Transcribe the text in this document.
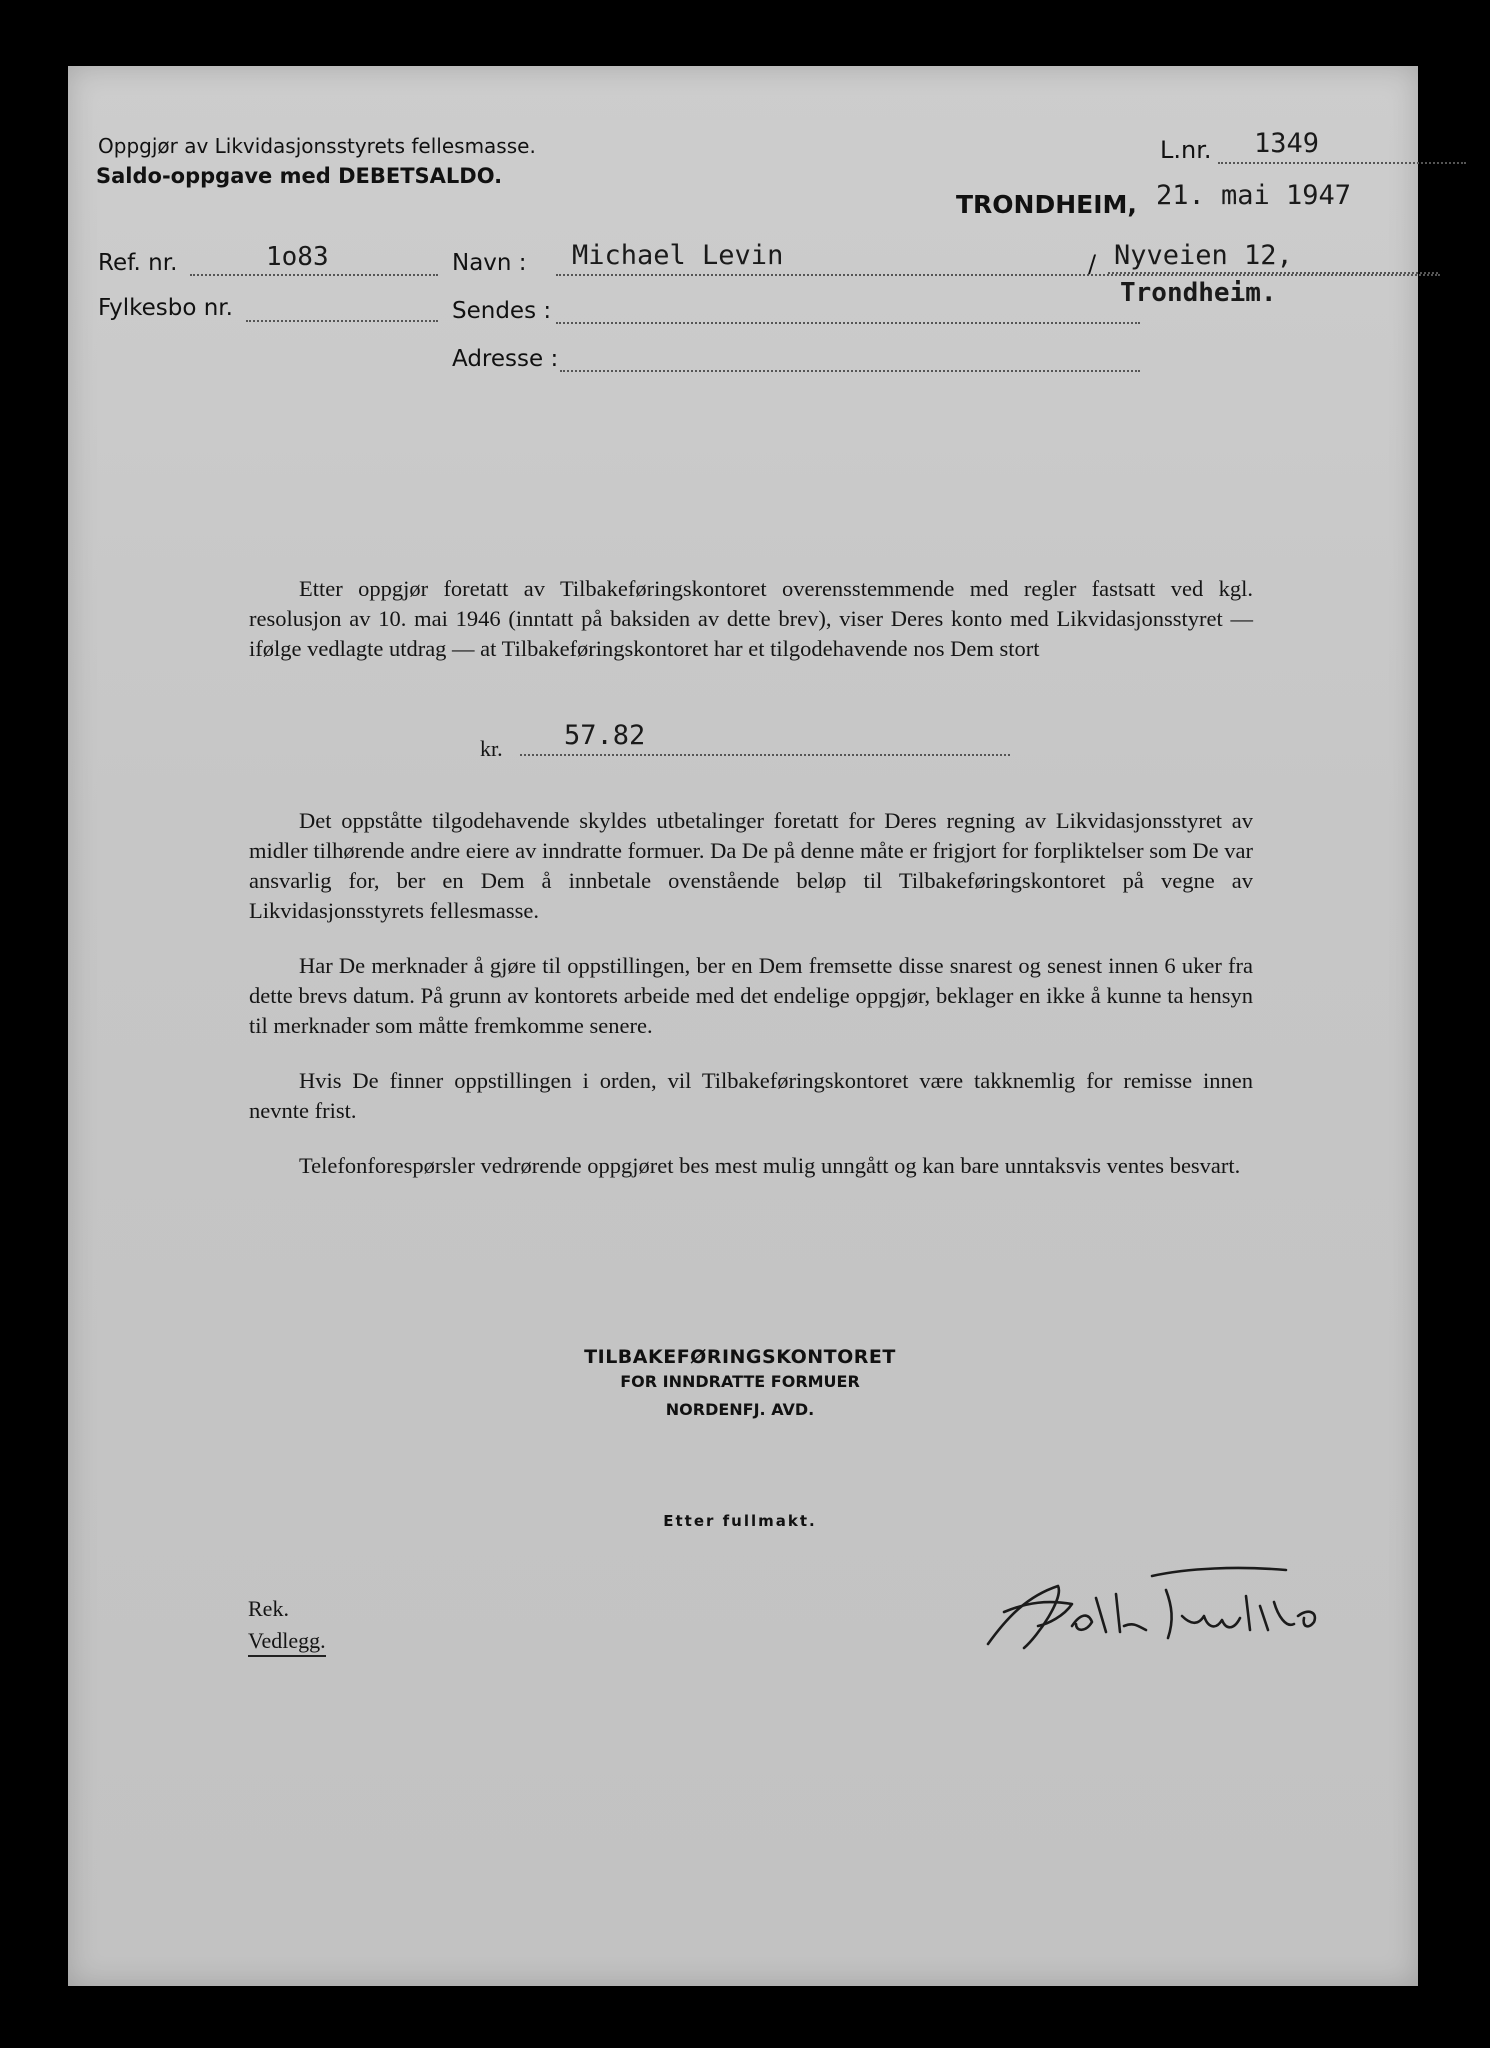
Oppgjør av Likvidasjonsstyrets fellesmasse.
Saldo-oppgave med DEBETSALDO.
L.nr. 1349
TRONDHEIM, 21. mai 1947
Ref. nr.	1o83
Fylkesbo nr.
Navn : Michael Levin	/ Nyveien 12,
Trondheim.
Sendes :
Adresse :

Etter oppgjør foretatt av Tilbakeføringskontoret overensstemmende med regler fastsatt ved kgl. resolusjon av 10. mai 1946 (inntatt på baksiden av dette brev), viser Deres konto med Likvidasjonsstyret — ifølge vedlagte utdrag — at Tilbakeføringskontoret har et tilgodehavende nos Dem stort

kr. 57.82

Det oppståtte tilgodehavende skyldes utbetalinger foretatt for Deres regning av Likvidasjonsstyret av midler tilhørende andre eiere av inndratte formuer. Da De på denne måte er frigjort for forpliktelser som De var ansvarlig for, ber en Dem å innbetale ovenstående beløp til Tilbakeføringskontoret på vegne av Likvidasjonsstyrets fellesmasse.

Har De merknader å gjøre til oppstillingen, ber en Dem fremsette disse snarest og senest innen 6 uker fra dette brevs datum. På grunn av kontorets arbeide med det endelige oppgjør, beklager en ikke å kunne ta hensyn til merknader som måtte fremkomme senere.

Hvis De finner oppstillingen i orden, vil Tilbakeføringskontoret være takknemlig for remisse innen nevnte frist.

Telefonforespørsler vedrørende oppgjøret bes mest mulig unngått og kan bare unntaksvis ventes besvart.

TILBAKEFØRINGSKONTORET
FOR INNDRATTE FORMUER
NORDENFJ. AVD.
Etter fullmakt.
Rek.
Vedlegg.
